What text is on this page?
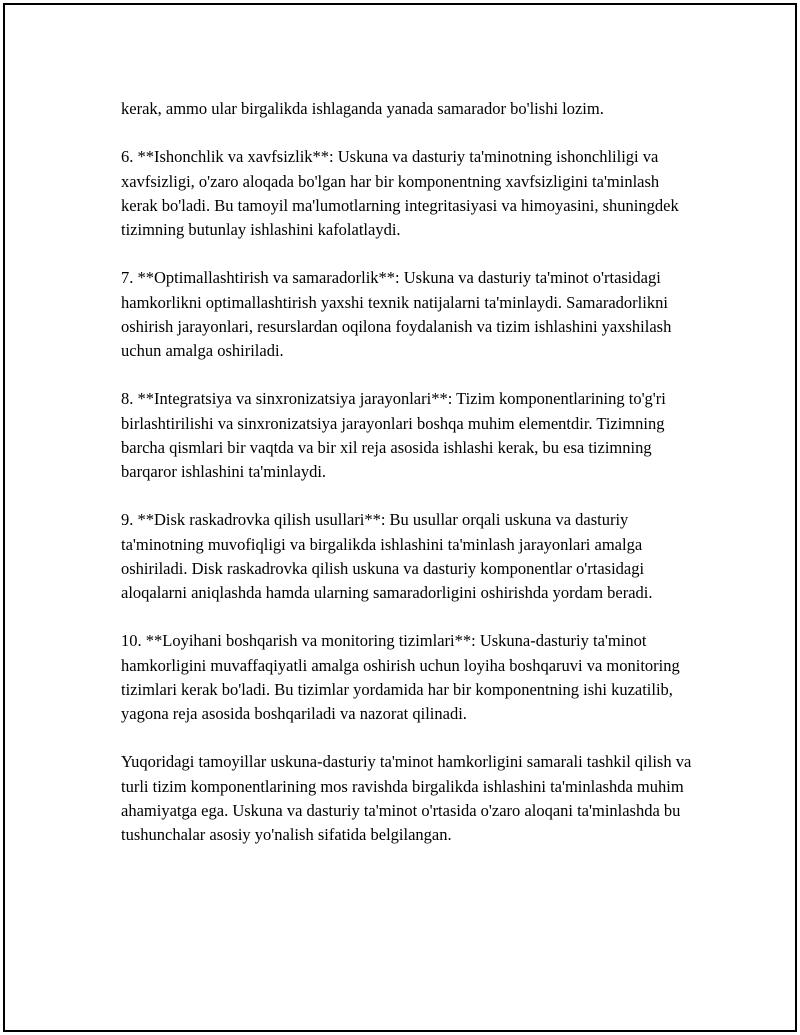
kerak, ammo ular birgalikda ishlaganda yanada samarador bo'lishi lozim.

6. **Ishonchlik va xavfsizlik**: Uskuna va dasturiy ta'minotning ishonchliligi va xavfsizligi, o'zaro aloqada bo'lgan har bir komponentning xavfsizligini ta'minlash kerak bo'ladi. Bu tamoyil ma'lumotlarning integritasiyasi va himoyasini, shuningdek tizimning butunlay ishlashini kafolatlaydi.

7. **Optimallashtirish va samaradorlik**: Uskuna va dasturiy ta'minot o'rtasidagi hamkorlikni optimallashtirish yaxshi texnik natijalarni ta'minlaydi. Samaradorlikni oshirish jarayonlari, resurslardan oqilona foydalanish va tizim ishlashini yaxshilash uchun amalga oshiriladi.

8. **Integratsiya va sinxronizatsiya jarayonlari**: Tizim komponentlarining to'g'ri birlashtirilishi va sinxronizatsiya jarayonlari boshqa muhim elementdir. Tizimning barcha qismlari bir vaqtda va bir xil reja asosida ishlashi kerak, bu esa tizimning barqaror ishlashini ta'minlaydi.

9. **Disk raskadrovka qilish usullari**: Bu usullar orqali uskuna va dasturiy ta'minotning muvofiqligi va birgalikda ishlashini ta'minlash jarayonlari amalga oshiriladi. Disk raskadrovka qilish uskuna va dasturiy komponentlar o'rtasidagi aloqalarni aniqlashda hamda ularning samaradorligini oshirishda yordam beradi.

10. **Loyihani boshqarish va monitoring tizimlari**: Uskuna-dasturiy ta'minot hamkorligini muvaffaqiyatli amalga oshirish uchun loyiha boshqaruvi va monitoring tizimlari kerak bo'ladi. Bu tizimlar yordamida har bir komponentning ishi kuzatilib, yagona reja asosida boshqariladi va nazorat qilinadi.

Yuqoridagi tamoyillar uskuna-dasturiy ta'minot hamkorligini samarali tashkil qilish va turli tizim komponentlarining mos ravishda birgalikda ishlashini ta'minlashda muhim ahamiyatga ega. Uskuna va dasturiy ta'minot o'rtasida o'zaro aloqani ta'minlashda bu tushunchalar asosiy yo'nalish sifatida belgilangan.
